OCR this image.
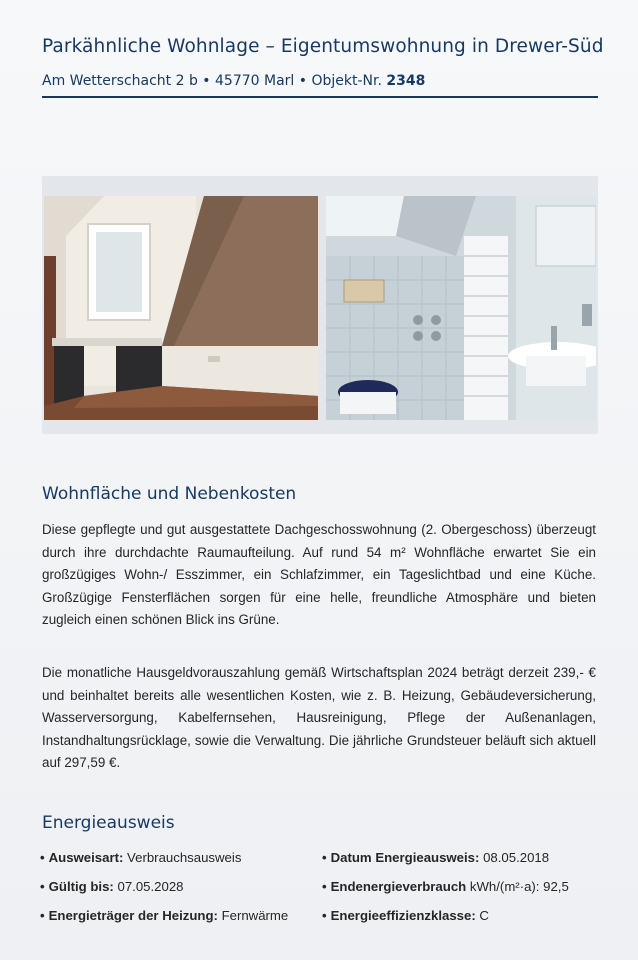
Parkähnliche Wohnlage – Eigentumswohnung in Drewer-Süd
Am Wetterschacht 2 b • 45770 Marl • Objekt-Nr. 2348
Wohnfläche und Nebenkosten
Diese gepflegte und gut ausgestattete Dachgeschosswohnung (2. Obergeschoss) überzeugt durch ihre durchdachte Raumaufteilung. Auf rund 54 m² Wohnfläche erwartet Sie ein großzügiges Wohn-/ Esszimmer, ein Schlafzimmer, ein Tageslichtbad und eine Küche. Großzügige Fensterflächen sorgen für eine helle, freundliche Atmosphäre und bieten zugleich einen schönen Blick ins Grüne.
Die monatliche Hausgeldvorauszahlung gemäß Wirtschaftsplan 2024 beträgt derzeit 239,- € und beinhaltet bereits alle wesentlichen Kosten, wie z. B. Heizung, Gebäudeversicherung, Wasserversorgung, Kabelfernsehen, Hausreinigung, Pflege der Außenanlagen, Instandhaltungsrücklage, sowie die Verwaltung. Die jährliche Grundsteuer beläuft sich aktuell auf 297,59 €.
Energieausweis
• Ausweisart: Verbrauchsausweis	• Datum Energieausweis: 08.05.2018
• Gültig bis: 07.05.2028	• Endenergieverbrauch kWh/(m²·a): 92,5
• Energieträger der Heizung: Fernwärme	• Energieeffizienzklasse: C
